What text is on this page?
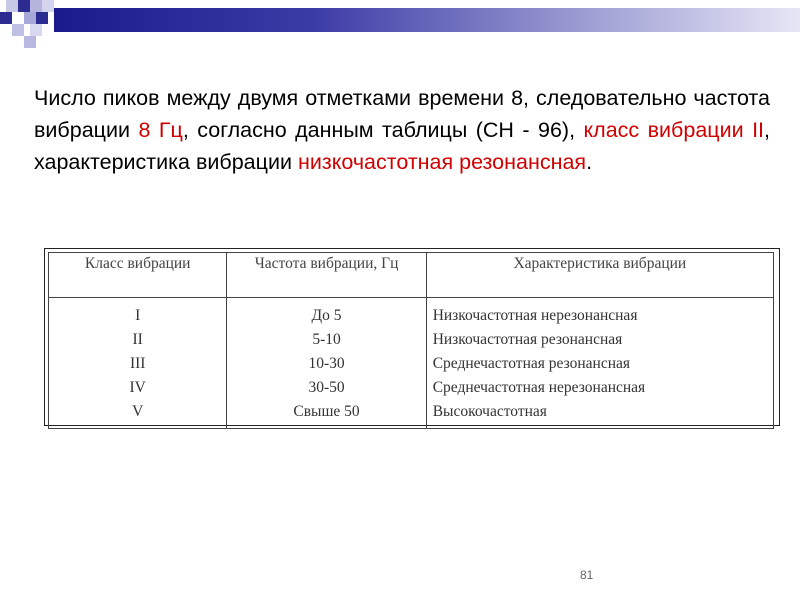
Число пиков между двумя отметками времени 8, следовательно частота вибрации 8 Гц, согласно данным таблицы (СН - 96), класс вибрации II, характеристика вибрации низкочастотная резонансная.
Класс вибрации	Частота вибрации, Гц	Характеристика вибрации
I	До 5	Низкочастотная нерезонансная
II	5-10	Низкочастотная резонансная
III	10-30	Среднечастотная резонансная
IV	30-50	Среднечастотная нерезонансная
V	Свыше 50	Высокочастотная
81
